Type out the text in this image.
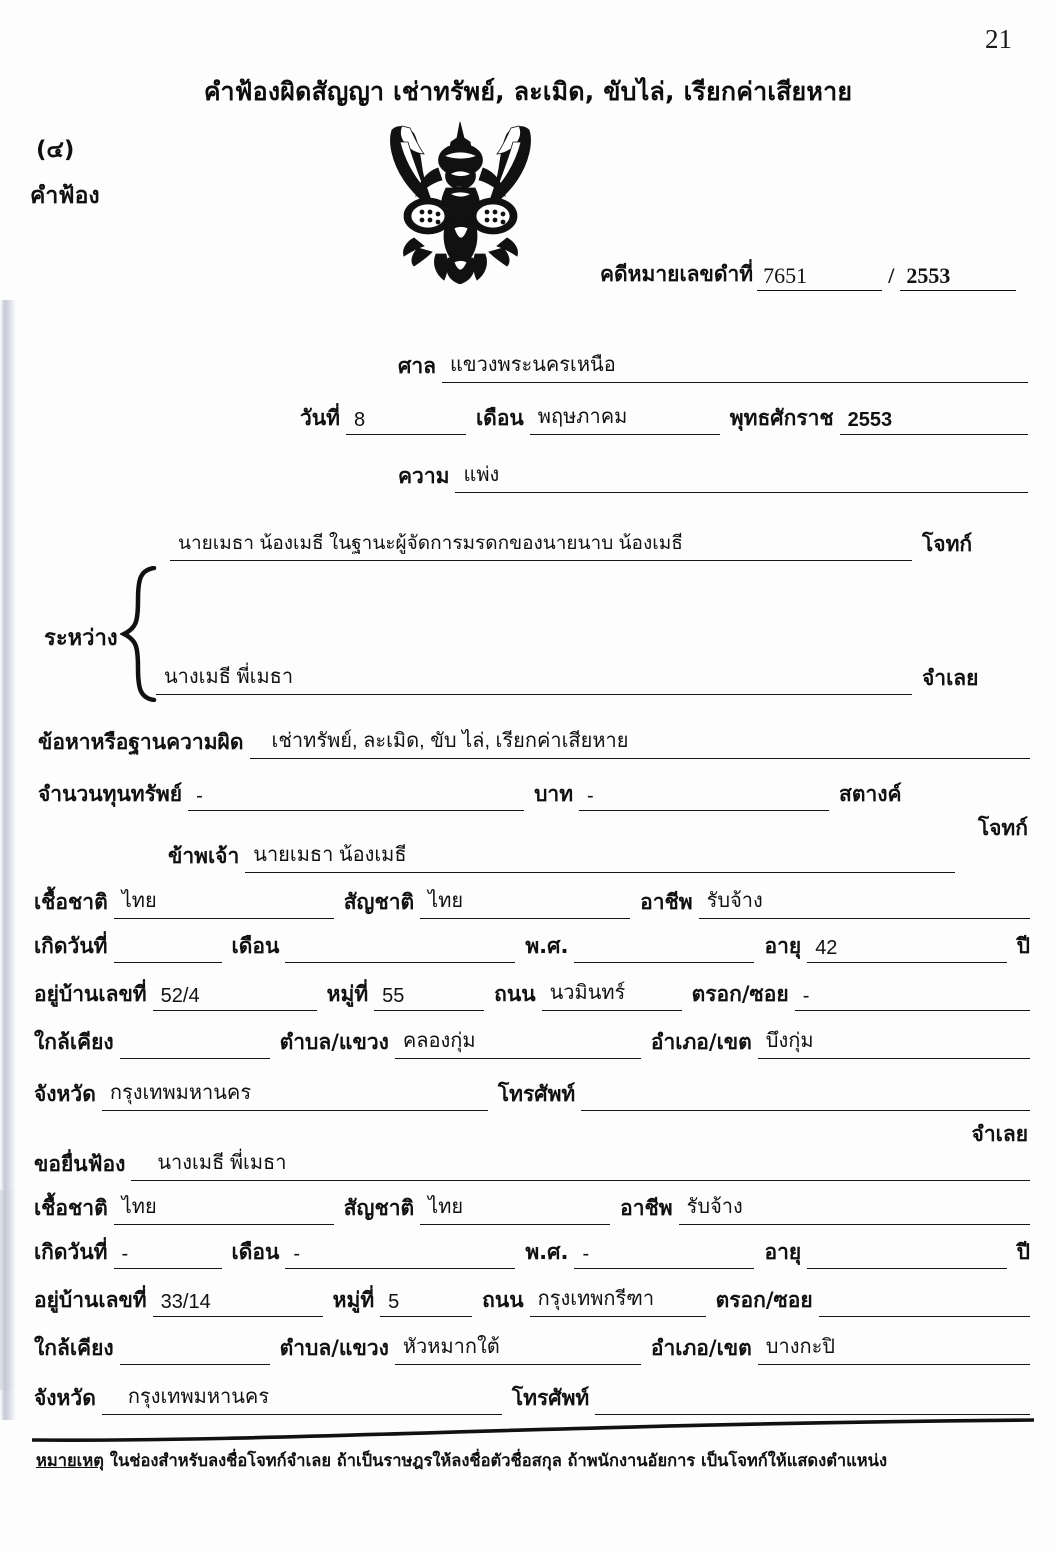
21
คำฟ้องผิดสัญญา เช่าทรัพย์, ละเมิด, ขับไล่, เรียกค่าเสียหาย
(๔)
คำฟ้อง
คดีหมายเลขดำที่ 7651	/ 2553
ศาล แขวงพระนครเหนือ
วันที่ 8	เดือน พฤษภาคม	พุทธศักราช 2553
ความ แพ่ง
นายเมธา น้องเมธี ในฐานะผู้จัดการมรดกของนายนาบ น้องเมธี	โจทก์
ระหว่าง
นางเมธี พี่เมธา	จำเลย
ข้อหาหรือฐานความผิด	เช่าทรัพย์, ละเมิด, ขับ ไล่, เรียกค่าเสียหาย
จำนวนทุนทรัพย์ -	บาท -	สตางค์
โจทก์
ข้าพเจ้า นายเมธา น้องเมธี
เชื้อชาติ ไทย	สัญชาติ ไทย	อาชีพ รับจ้าง
เกิดวันที่	เดือน	พ.ศ.	อายุ 42	ปี
อยู่บ้านเลขที่ 52/4	หมู่ที่ 55	ถนน นวมินทร์	ตรอก/ซอย -
ใกล้เคียง	ตำบล/แขวง คลองกุ่ม	อำเภอ/เขต บึงกุ่ม
จังหวัด กรุงเทพมหานคร	โทรศัพท์
จำเลย
ขอยื่นฟ้อง	นางเมธี พี่เมธา
เชื้อชาติ ไทย	สัญชาติ ไทย	อาชีพ รับจ้าง
เกิดวันที่ -	เดือน -	พ.ศ. -	อายุ	ปี
อยู่บ้านเลขที่ 33/14	หมู่ที่ 5	ถนน กรุงเทพกรีฑา	ตรอก/ซอย
ใกล้เคียง	ตำบล/แขวง หัวหมากใต้	อำเภอ/เขต บางกะปิ
จังหวัด	กรุงเทพมหานคร	โทรศัพท์
หมายเหตุ ในช่องสำหรับลงชื่อโจทก์จำเลย ถ้าเป็นราษฎรให้ลงชื่อตัวชื่อสกุล ถ้าพนักงานอัยการ เป็นโจทก์ให้แสดงตำแหน่ง
